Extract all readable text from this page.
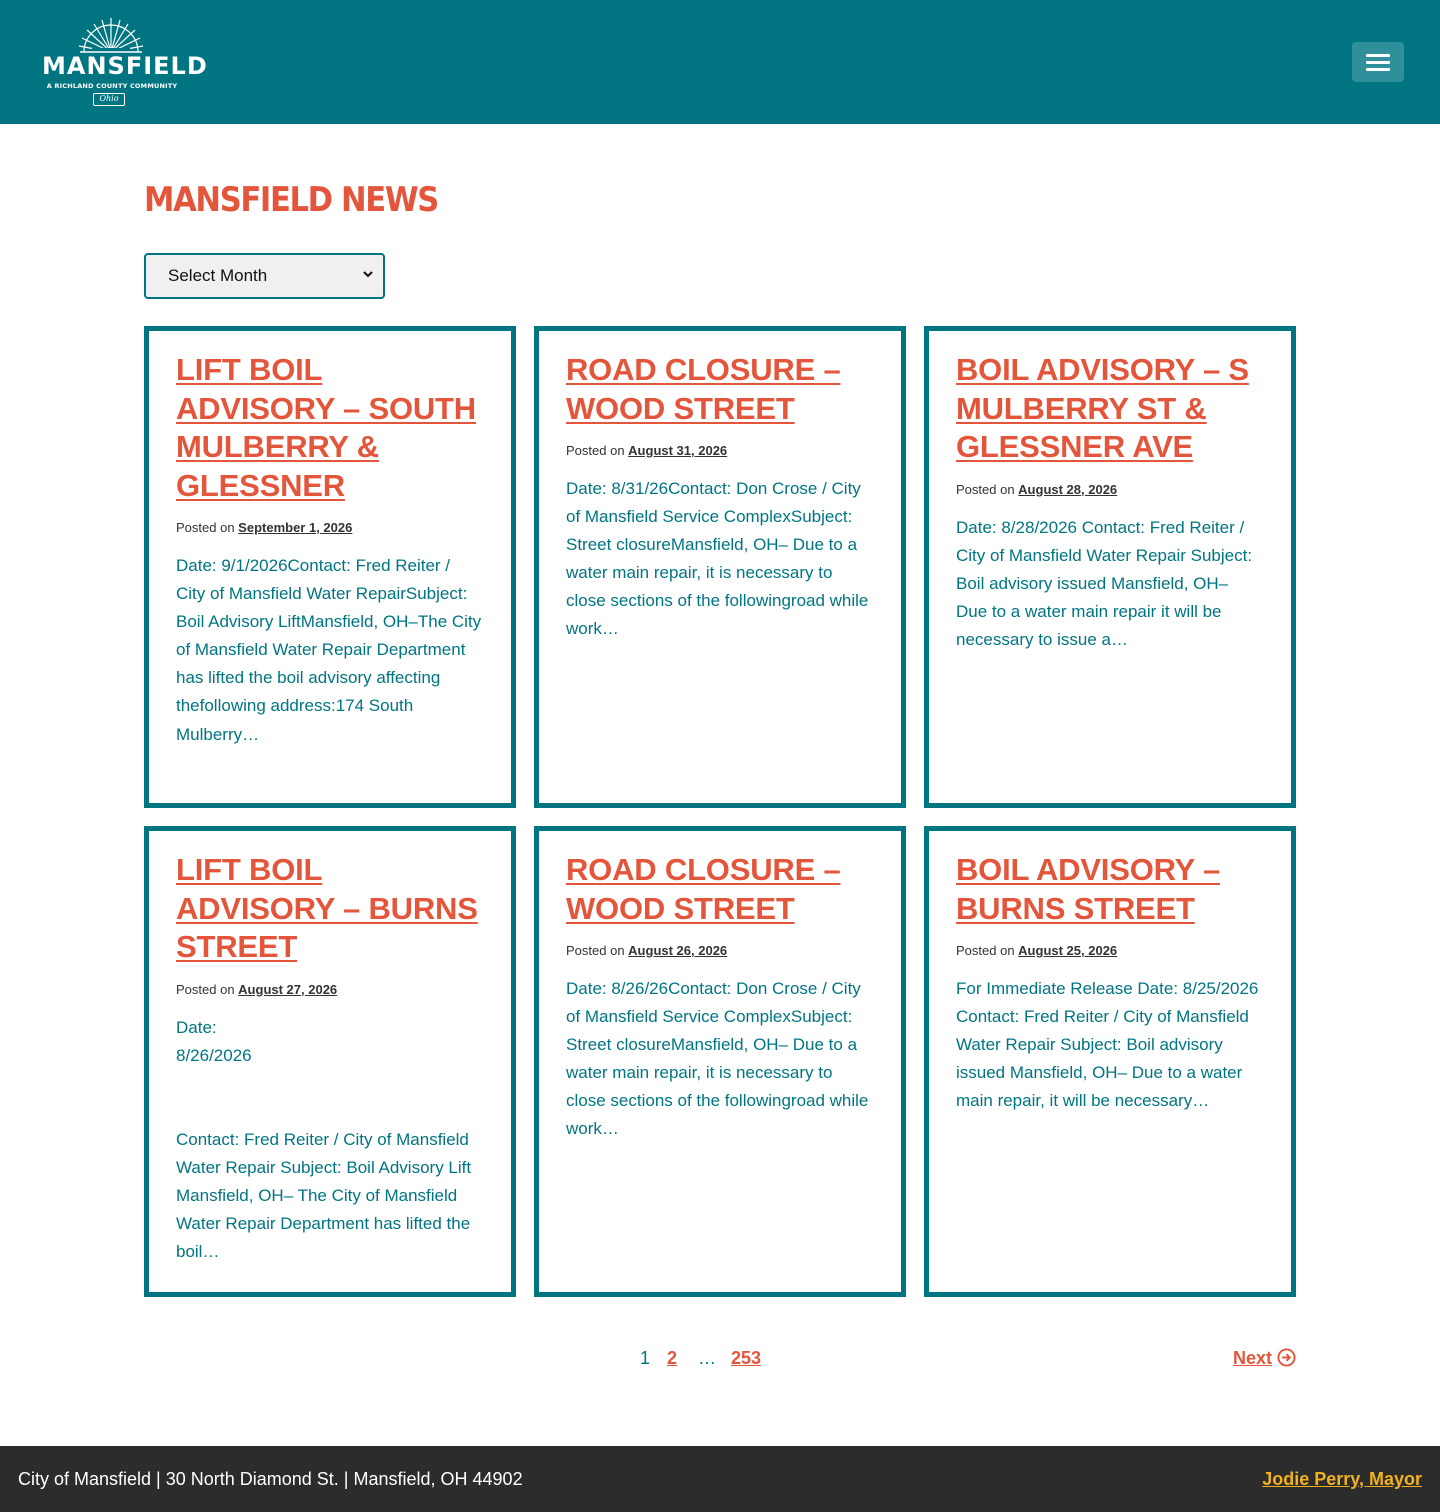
MANSFIELD
A RICHLAND COUNTY COMMUNITY
Ohio
MANSFIELD NEWS
Select Month
LIFT BOIL ADVISORY – SOUTH MULBERRY & GLESSNER
Posted on September 1, 2026

Date: 9/1/2026Contact: Fred Reiter / City of Mansfield Water RepairSubject: Boil Advisory LiftMansfield, OH–The City of Mansfield Water Repair Department has lifted the boil advisory affecting thefollowing address:174 South Mulberry…

ROAD CLOSURE – WOOD STREET
Posted on August 31, 2026

Date: 8/31/26Contact: Don Crose / City of Mansfield Service ComplexSubject: Street closureMansfield, OH– Due to a water main repair, it is necessary to close sections of the followingroad while work…

BOIL ADVISORY – S MULBERRY ST & GLESSNER AVE
Posted on August 28, 2026

Date: 8/28/2026 Contact: Fred Reiter / City of Mansfield Water Repair Subject: Boil advisory issued Mansfield, OH– Due to a water main repair it will be necessary to issue a…

LIFT BOIL ADVISORY – BURNS STREET
Posted on August 27, 2026

Date:
8/26/2026

Contact: Fred Reiter / City of Mansfield Water Repair Subject: Boil Advisory Lift Mansfield, OH– The City of Mansfield Water Repair Department has lifted the boil…

ROAD CLOSURE – WOOD STREET
Posted on August 26, 2026

Date: 8/26/26Contact: Don Crose / City of Mansfield Service ComplexSubject: Street closureMansfield, OH– Due to a water main repair, it is necessary to close sections of the followingroad while work…

BOIL ADVISORY – BURNS STREET
Posted on August 25, 2026

For Immediate Release Date: 8/25/2026 Contact: Fred Reiter / City of Mansfield Water Repair Subject: Boil advisory issued Mansfield, OH– Due to a water main repair, it will be necessary…

1 2 … 253	Next
City of Mansfield | 30 North Diamond St. | Mansfield, OH 44902	Jodie Perry, Mayor
